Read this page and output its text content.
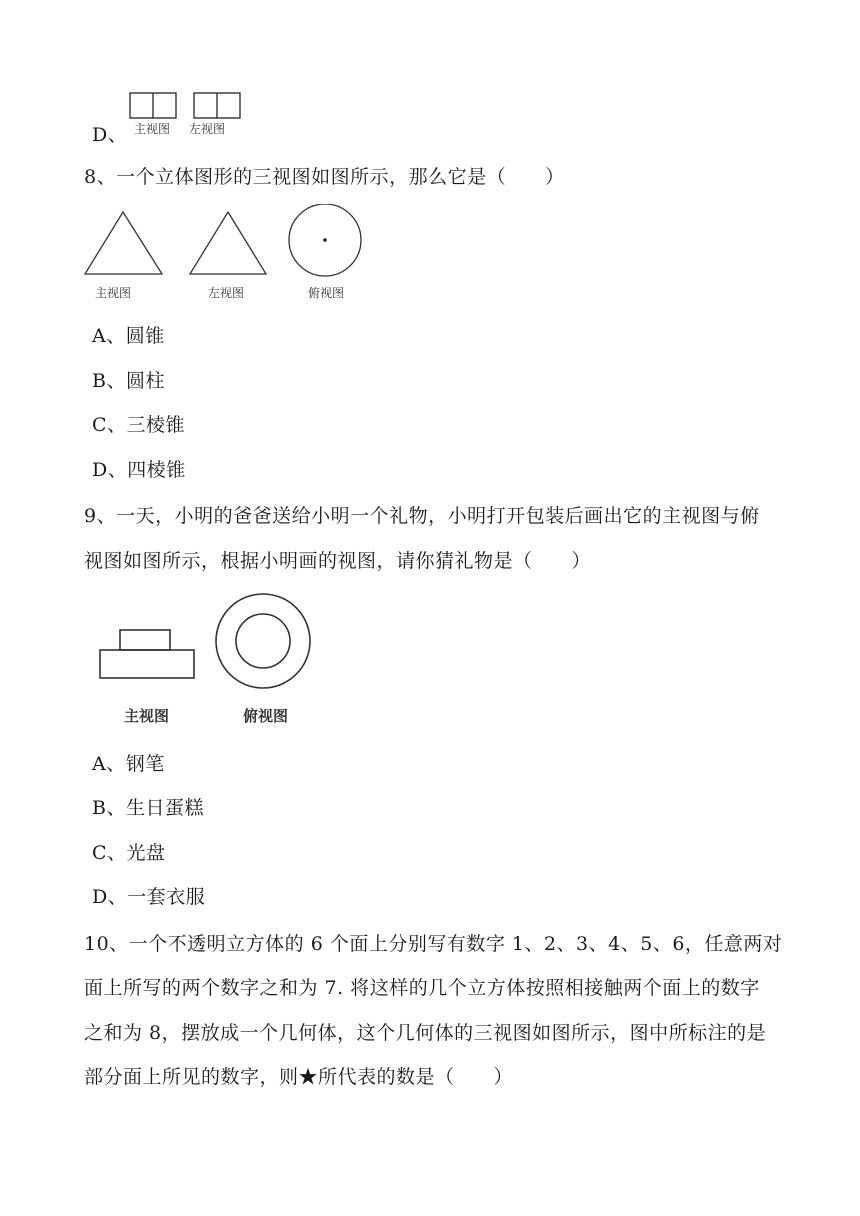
D、 主视图 左视图
8、一个立体图形的三视图如图所示，那么它是（　　）
主视图	左视图	俯视图
A、圆锥
B、圆柱
C、三棱锥
D、四棱锥
9、一天，小明的爸爸送给小明一个礼物，小明打开包装后画出它的主视图与俯
视图如图所示，根据小明画的视图，请你猜礼物是（　　）
主视图	俯视图
A、钢笔
B、生日蛋糕
C、光盘
D、一套衣服
10、一个不透明立方体的 6 个面上分别写有数字 1、2、3、4、5、6，任意两对
面上所写的两个数字之和为 7. 将这样的几个立方体按照相接触两个面上的数字
之和为 8，摆放成一个几何体，这个几何体的三视图如图所示，图中所标注的是
部分面上所见的数字，则★所代表的数是（　　）
